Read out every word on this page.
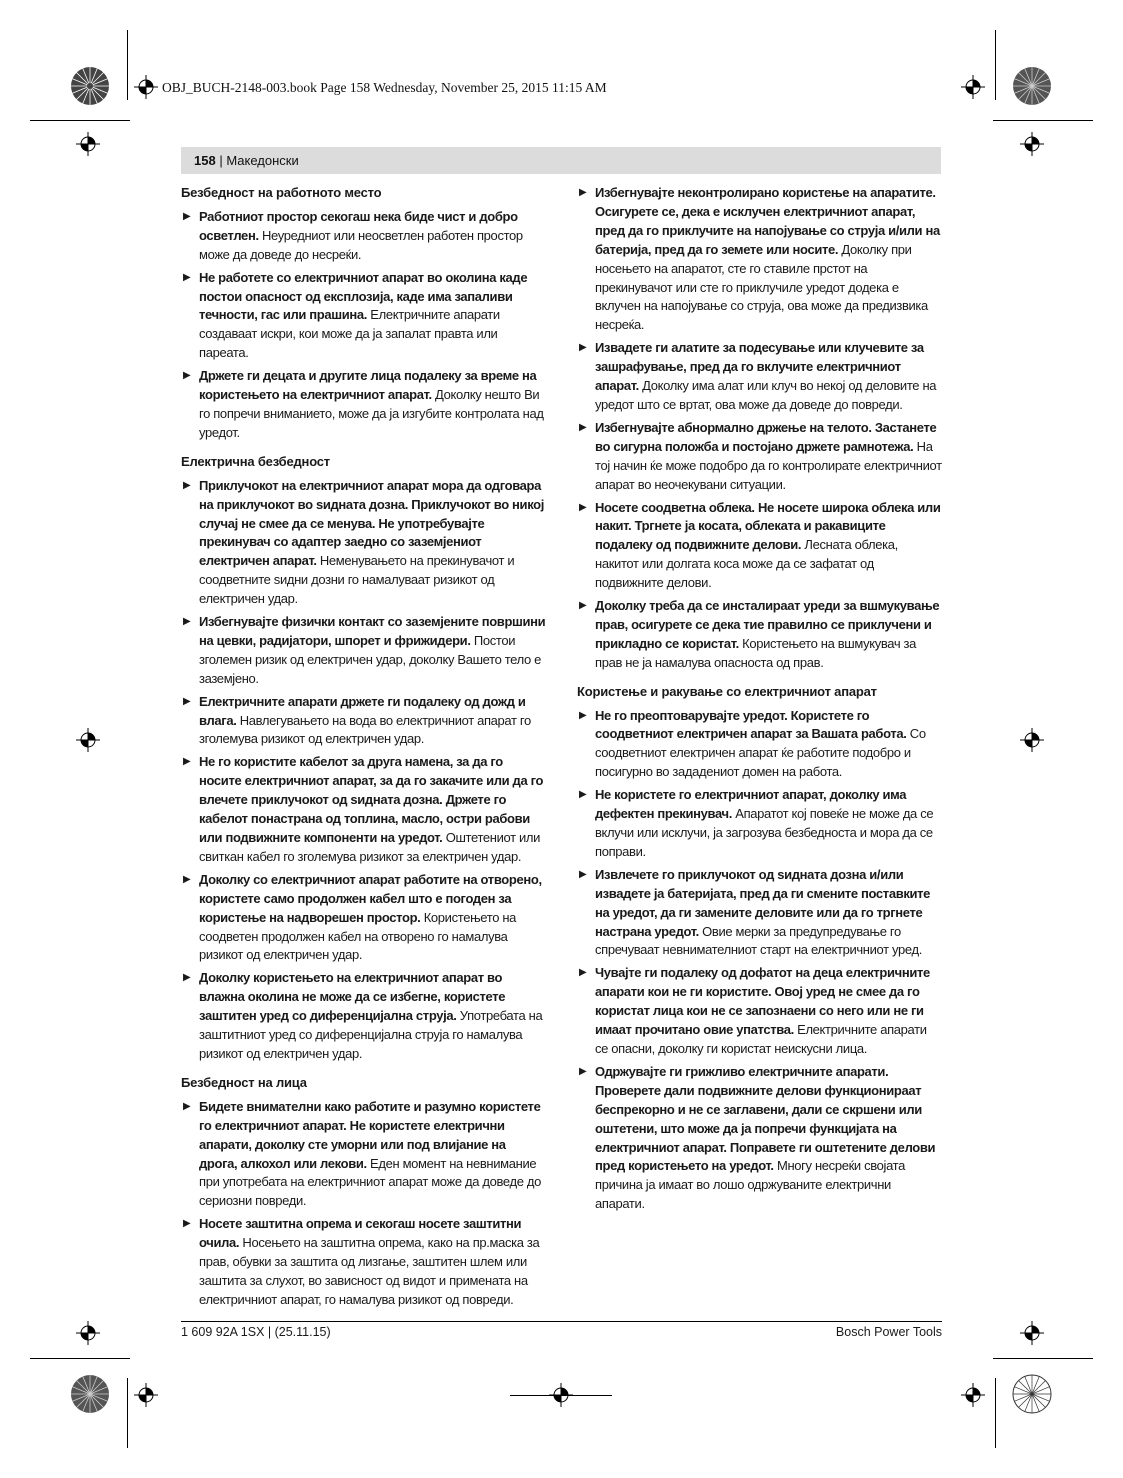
OBJ_BUCH-2148-003.book Page 158 Wednesday, November 25, 2015 11:15 AM
158 | Македонски
Безбедност на работното место
▶ Работниот простор секогаш нека биде чист и добро осветлен. Неуредниот или неосветлен работен простор може да доведе до несреќи.
▶ Не работете со електричниот апарат во околина каде постои опасност од експлозија, каде има запаливи течности, гас или прашина. Електричните апарати создаваат искри, кои може да ја запалат правта или пареата.
▶ Држете ги децата и другите лица подалеку за време на користењето на електричниот апарат. Доколку нешто Ви го попречи вниманието, може да ја изгубите контролата над уредот.
Електрична безбедност
▶ Приклучокот на електричниот апарат мора да одговара на приклучокот во ѕидната дозна. Приклучокот во никој случај не смее да се менува. Не употребувајте прекинувач со адаптер заедно со заземјениот електричен апарат. Неменувањето на прекинувачот и соодветните ѕидни дозни го намалуваат ризикот од електричен удар.
▶ Избегнувајте физички контакт со заземјените површини на цевки, радијатори, шпорет и фрижидери. Постои зголемен ризик од електричен удар, доколку Вашето тело е заземјено.
▶ Електричните апарати држете ги подалеку од дожд и влага. Навлегувањето на вода во електричниот апарат го зголемува ризикот од електричен удар.
▶ Не го користите кабелот за друга намена, за да го носите електричниот апарат, за да го закачите или да го влечете приклучокот од ѕидната дозна. Држете го кабелот понастрана од топлина, масло, остри рабови или подвижните компоненти на уредот. Оштетениот или свиткан кабел го зголемува ризикот за електричен удар.
▶ Доколку со електричниот апарат работите на отворено, користете само продолжен кабел што е погоден за користење на надворешен простор. Користењето на соодветен продолжен кабел на отворено го намалува ризикот од електричен удар.
▶ Доколку користењето на електричниот апарат во влажна околина не може да се избегне, користете заштитен уред со диференцијална струја. Употребата на заштитниот уред со диференцијална струја го намалува ризикот од електричен удар.
Безбедност на лица
▶ Бидете внимателни како работите и разумно користете го електричниот апарат. Не користете електрични апарати, доколку сте уморни или под влијание на дрога, алкохол или лекови. Еден момент на невнимание при употребата на електричниот апарат може да доведе до сериозни повреди.
▶ Носете заштитна опрема и секогаш носете заштитни очила. Носењето на заштитна опрема, како на пр.маска за прав, обувки за заштита од лизгање, заштитен шлем или заштита за слухот, во зависност од видот и примената на електричниот апарат, го намалува ризикот од повреди.
▶ Избегнувајте неконтролирано користење на апаратите. Осигурете се, дека е исклучен електричниот апарат, пред да го приклучите на напојување со струја и/или на батерија, пред да го земете или носите. Доколку при носењето на апаратот, сте го ставиле прстот на прекинувачот или сте го приклучиле уредот додека е вклучен на напојување со струја, ова може да предизвика несреќа.
▶ Извадете ги алатите за подесување или клучевите за зашрафување, пред да го вклучите електричниот апарат. Доколку има алат или клуч во некој од деловите на уредот што се вртат, ова може да доведе до повреди.
▶ Избегнувајте абнормално држење на телото. Застанете во сигурна положба и постојано држете рамнотежа. На тој начин ќе може подобро да го контролирате електричниот апарат во неочекувани ситуации.
▶ Носете соодветна облека. Не носете широка облека или накит. Тргнете ја косата, облеката и ракавиците подалеку од подвижните делови. Лесната облека, накитот или долгата коса може да се зафатат од подвижните делови.
▶ Доколку треба да се инсталираат уреди за вшмукување прав, осигурете се дека тие правилно се приклучени и прикладно се користат. Користењето на вшмукувач за прав не ја намалува опасноста од прав.
Користење и ракување со електричниот апарат
▶ Не го преоптоварувајте уредот. Користете го соодветниот електричен апарат за Вашата работа. Со соодветниот електричен апарат ќе работите подобро и посигурно во зададениот домен на работа.
▶ Не користете го електричниот апарат, доколку има дефектен прекинувач. Апаратот кој повеќе не може да се вклучи или исклучи, ја загрозува безбедноста и мора да се поправи.
▶ Извлечете го приклучокот од ѕидната дозна и/или извадете ја батеријата, пред да ги смените поставките на уредот, да ги замените деловите или да го тргнете настрана уредот. Овие мерки за предупредување го спречуваат невнимателниот старт на електричниот уред.
▶ Чувајте ги подалеку од дофатот на деца електричните апарати кои не ги користите. Овој уред не смее да го користат лица кои не се запознаени со него или не ги имаат прочитано овие упатства. Електричните апарати се опасни, доколку ги користат неискусни лица.
▶ Одржувајте ги грижливо електричните апарати. Проверете дали подвижните делови функционираат беспрекорно и не се заглавени, дали се скршени или оштетени, што може да ја попречи функцијата на електричниот апарат. Поправете ги оштетените делови пред користењето на уредот. Многу несреќи својата причина ја имаат во лошо одржуваните електрични апарати.
1 609 92A 1SX | (25.11.15)	Bosch Power Tools
